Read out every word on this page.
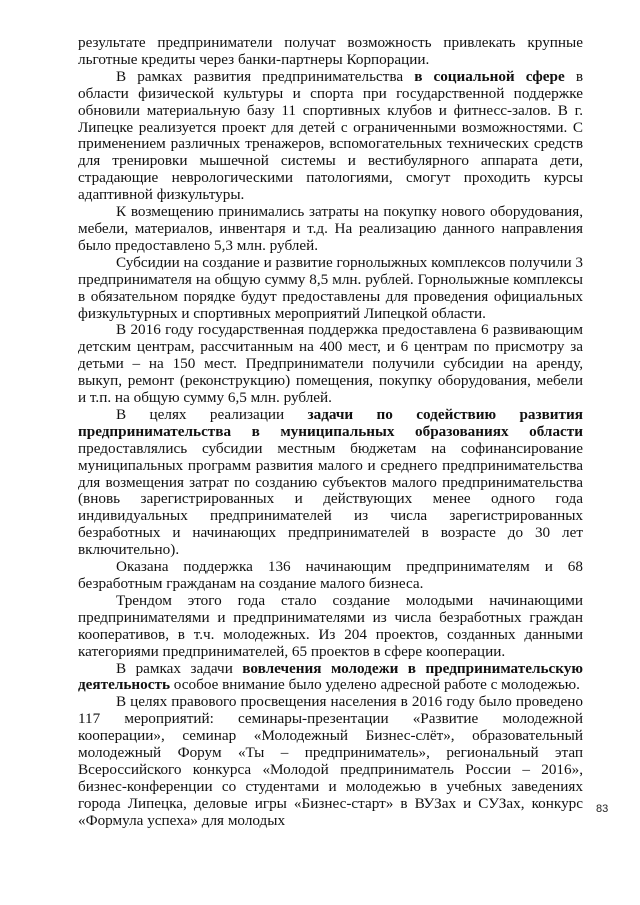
результате предприниматели получат возможность привлекать крупные льготные кредиты через банки-партнеры Корпорации.

В рамках развития предпринимательства в социальной сфере в области физической культуры и спорта при государственной поддержке обновили материальную базу 11 спортивных клубов и фитнесс-залов. В г. Липецке реализуется проект для детей с ограниченными возможностями. С применением различных тренажеров, вспомогательных технических средств для тренировки мышечной системы и вестибулярного аппарата дети, страдающие неврологическими патологиями, смогут проходить курсы адаптивной физкультуры.

К возмещению принимались затраты на покупку нового оборудования, мебели, материалов, инвентаря и т.д. На реализацию данного направления было предоставлено 5,3 млн. рублей.

Субсидии на создание и развитие горнолыжных комплексов получили 3 предпринимателя на общую сумму 8,5 млн. рублей. Горнолыжные комплексы в обязательном порядке будут предоставлены для проведения официальных физкультурных и спортивных мероприятий Липецкой области.

В 2016 году государственная поддержка предоставлена 6 развивающим детским центрам, рассчитанным на 400 мест, и 6 центрам по присмотру за детьми – на 150 мест. Предприниматели получили субсидии на аренду, выкуп, ремонт (реконструкцию) помещения, покупку оборудования, мебели и т.п. на общую сумму 6,5 млн. рублей.

В целях реализации задачи по содействию развития предпринимательства в муниципальных образованиях области предоставлялись субсидии местным бюджетам на софинансирование муниципальных программ развития малого и среднего предпринимательства для возмещения затрат по созданию субъектов малого предпринимательства (вновь зарегистрированных и действующих менее одного года индивидуальных предпринимателей из числа зарегистрированных безработных и начинающих предпринимателей в возрасте до 30 лет включительно).

Оказана поддержка 136 начинающим предпринимателям и 68 безработным гражданам на создание малого бизнеса.

Трендом этого года стало создание молодыми начинающими предпринимателями и предпринимателями из числа безработных граждан кооперативов, в т.ч. молодежных. Из 204 проектов, созданных данными категориями предпринимателей, 65 проектов в сфере кооперации.

В рамках задачи вовлечения молодежи в предпринимательскую деятельность особое внимание было уделено адресной работе с молодежью.

В целях правового просвещения населения в 2016 году было проведено 117 мероприятий: семинары-презентации «Развитие молодежной кооперации», семинар «Молодежный Бизнес-слёт», образовательный молодежный Форум «Ты – предприниматель», региональный этап Всероссийского конкурса «Молодой предприниматель России – 2016», бизнес-конференции со студентами и молодежью в учебных заведениях города Липецка, деловые игры «Бизнес-старт» в ВУЗах и СУЗах, конкурс «Формула успеха» для молодых

83
